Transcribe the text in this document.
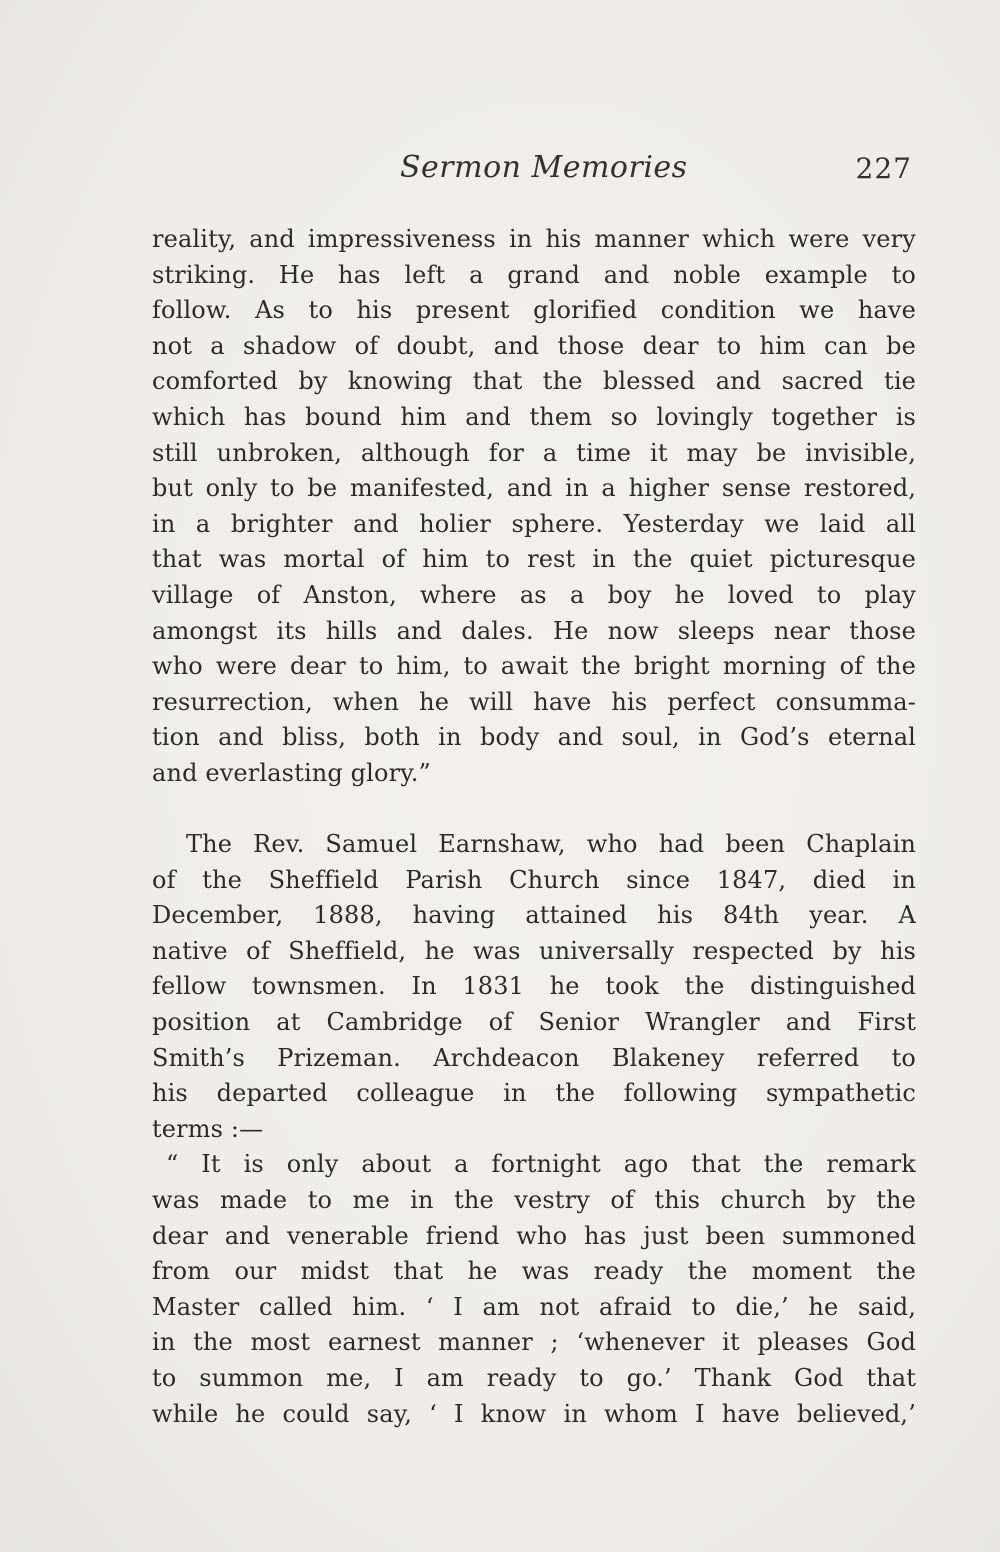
Sermon Memories	227
reality, and impressiveness in his manner which were very
striking. He has left a grand and noble example to
follow. As to his present glorified condition we have
not a shadow of doubt, and those dear to him can be
comforted by knowing that the blessed and sacred tie
which has bound him and them so lovingly together is
still unbroken, although for a time it may be invisible,
but only to be manifested, and in a higher sense restored,
in a brighter and holier sphere. Yesterday we laid all
that was mortal of him to rest in the quiet picturesque
village of Anston, where as a boy he loved to play
amongst its hills and dales. He now sleeps near those
who were dear to him, to await the bright morning of the
resurrection, when he will have his perfect consumma-
tion and bliss, both in body and soul, in God’s eternal
and everlasting glory.”
The Rev. Samuel Earnshaw, who had been Chaplain
of the Sheffield Parish Church since 1847, died in
December, 1888, having attained his 84th year. A
native of Sheffield, he was universally respected by his
fellow townsmen. In 1831 he took the distinguished
position at Cambridge of Senior Wrangler and First
Smith’s Prizeman. Archdeacon Blakeney referred to
his departed colleague in the following sympathetic
terms :—
“ It is only about a fortnight ago that the remark
was made to me in the vestry of this church by the
dear and venerable friend who has just been summoned
from our midst that he was ready the moment the
Master called him. ‘ I am not afraid to die,’ he said,
in the most earnest manner ; ‘whenever it pleases God
to summon me, I am ready to go.’ Thank God that
while he could say, ‘ I know in whom I have believed,’
